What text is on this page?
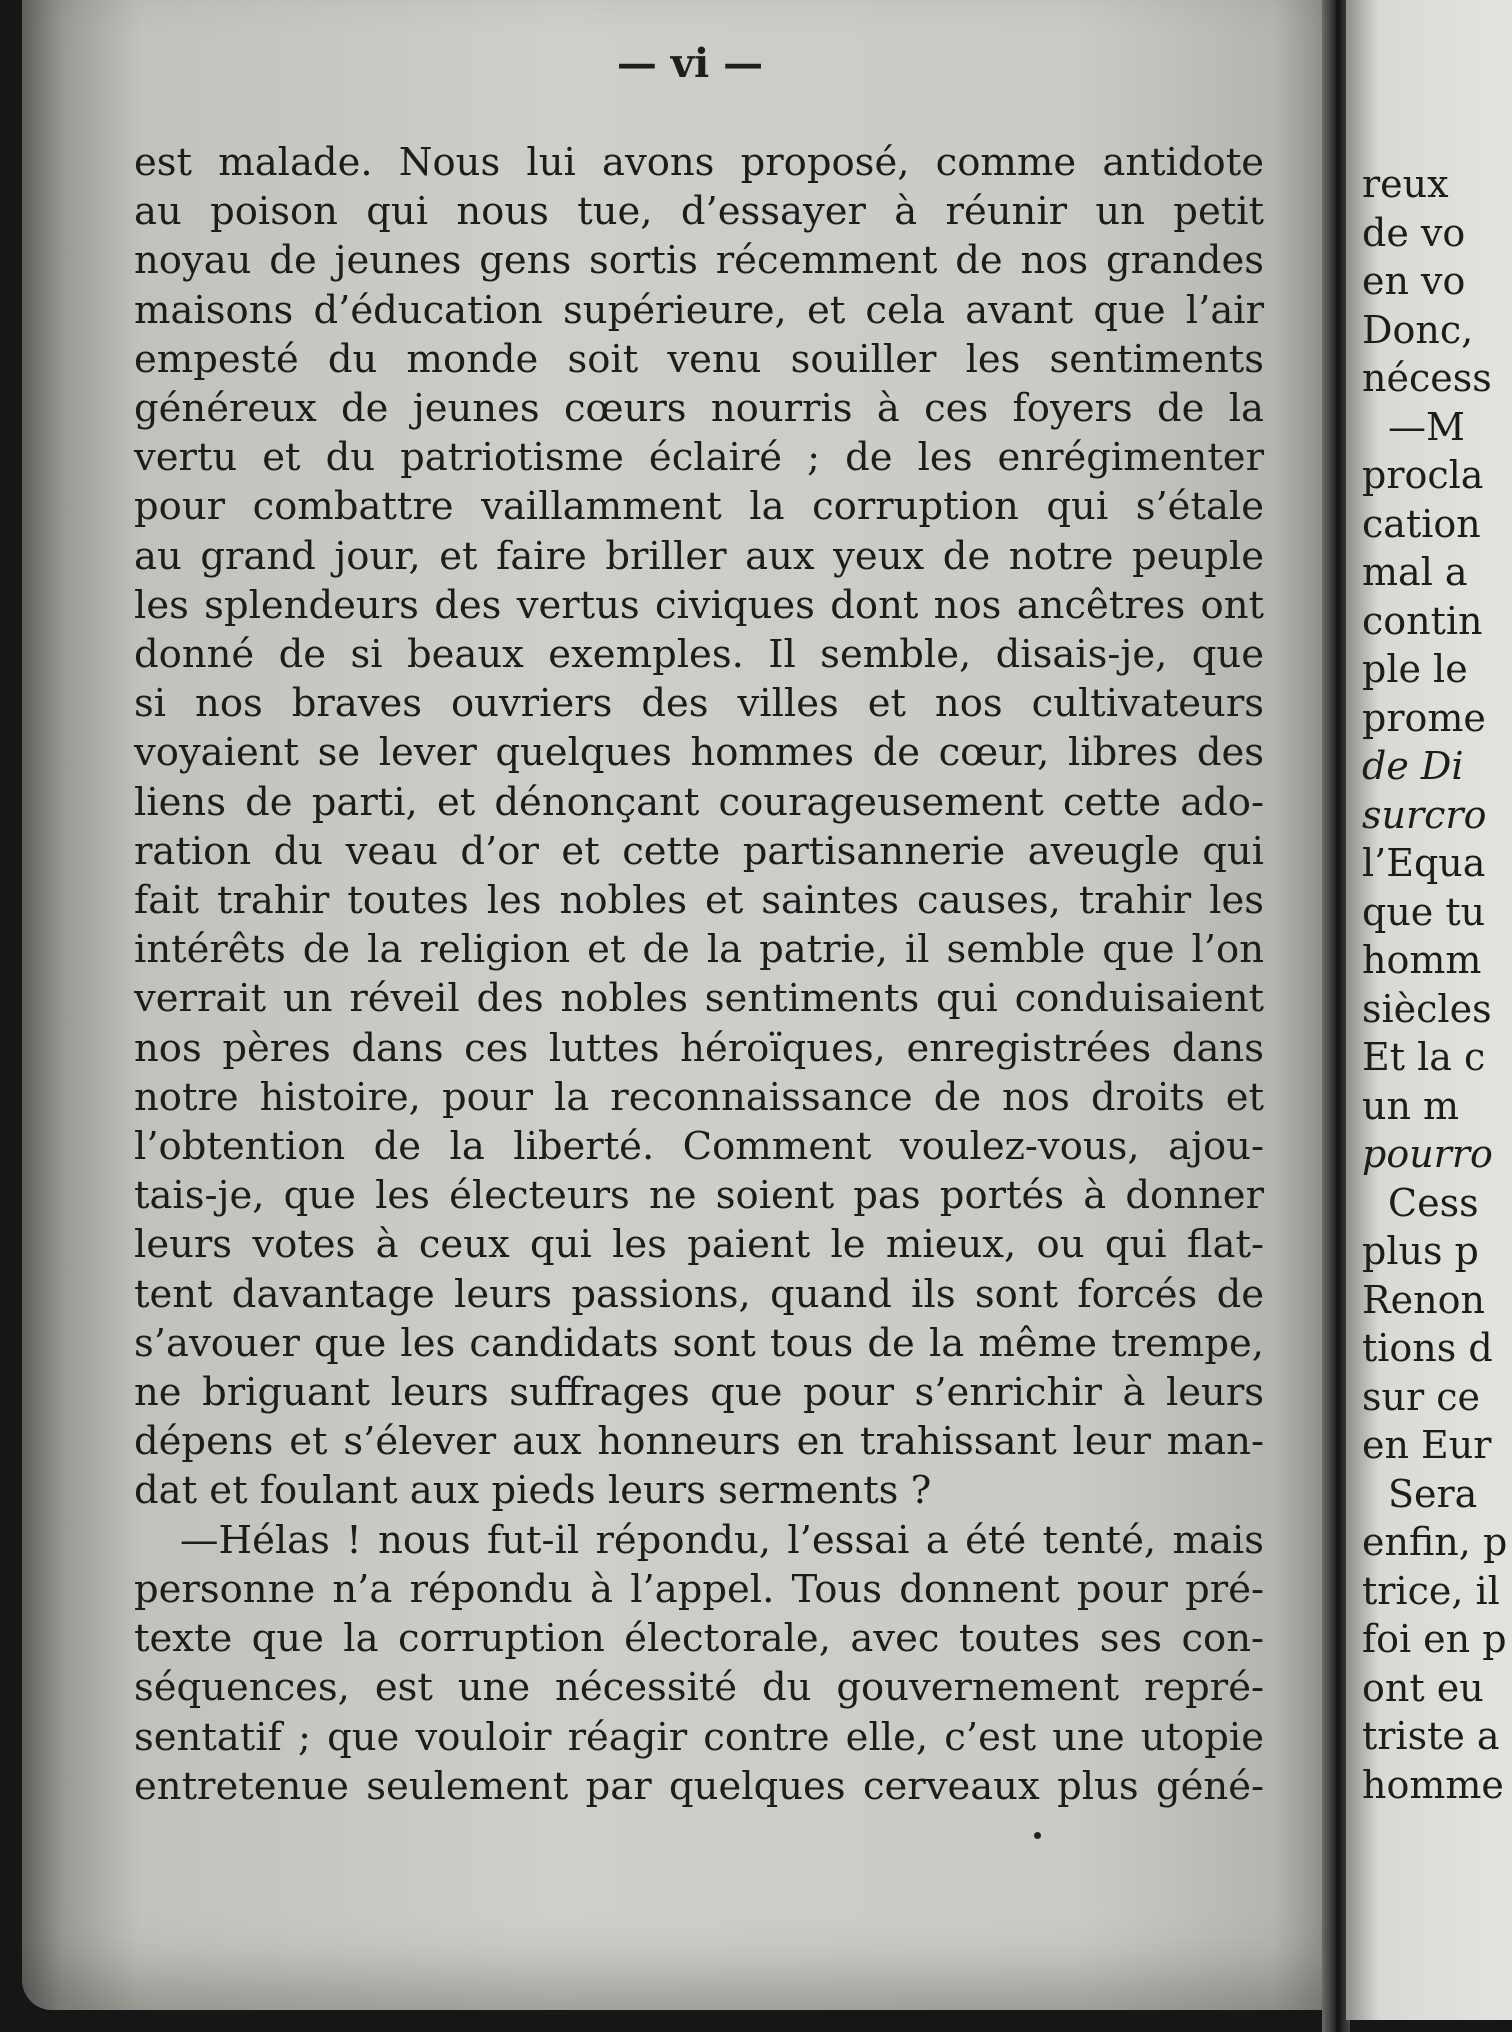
— vi —
est malade. Nous lui avons proposé, comme antidote
au poison qui nous tue, d’essayer à réunir un petit
noyau de jeunes gens sortis récemment de nos grandes
maisons d’éducation supérieure, et cela avant que l’air
empesté du monde soit venu souiller les sentiments
généreux de jeunes cœurs nourris à ces foyers de la
vertu et du patriotisme éclairé ; de les enrégimenter
pour combattre vaillamment la corruption qui s’étale
au grand jour, et faire briller aux yeux de notre peuple
les splendeurs des vertus civiques dont nos ancêtres ont
donné de si beaux exemples. Il semble, disais-je, que
si nos braves ouvriers des villes et nos cultivateurs
voyaient se lever quelques hommes de cœur, libres des
liens de parti, et dénonçant courageusement cette ado-
ration du veau d’or et cette partisannerie aveugle qui
fait trahir toutes les nobles et saintes causes, trahir les
intérêts de la religion et de la patrie, il semble que l’on
verrait un réveil des nobles sentiments qui conduisaient
nos pères dans ces luttes héroïques, enregistrées dans
notre histoire, pour la reconnaissance de nos droits et
l’obtention de la liberté. Comment voulez-vous, ajou-
tais-je, que les électeurs ne soient pas portés à donner
leurs votes à ceux qui les paient le mieux, ou qui flat-
tent davantage leurs passions, quand ils sont forcés de
s’avouer que les candidats sont tous de la même trempe,
ne briguant leurs suffrages que pour s’enrichir à leurs
dépens et s’élever aux honneurs en trahissant leur man-
dat et foulant aux pieds leurs serments ?
—Hélas ! nous fut-il répondu, l’essai a été tenté, mais
personne n’a répondu à l’appel. Tous donnent pour pré-
texte que la corruption électorale, avec toutes ses con-
séquences, est une nécessité du gouvernement repré-
sentatif ; que vouloir réagir contre elle, c’est une utopie
entretenue seulement par quelques cerveaux plus géné-
reux
de vo
en vo
Donc,
nécess
—M
procla
cation
mal a
contin
ple le
prome
de Di
surcro
l’Equa
que tu
homm
siècles
Et la c
un m
pourro
Cess
plus p
Renon
tions d
sur ce
en Eur
Sera
enfin, p
trice, il
foi en p
ont eu
triste a
homme
